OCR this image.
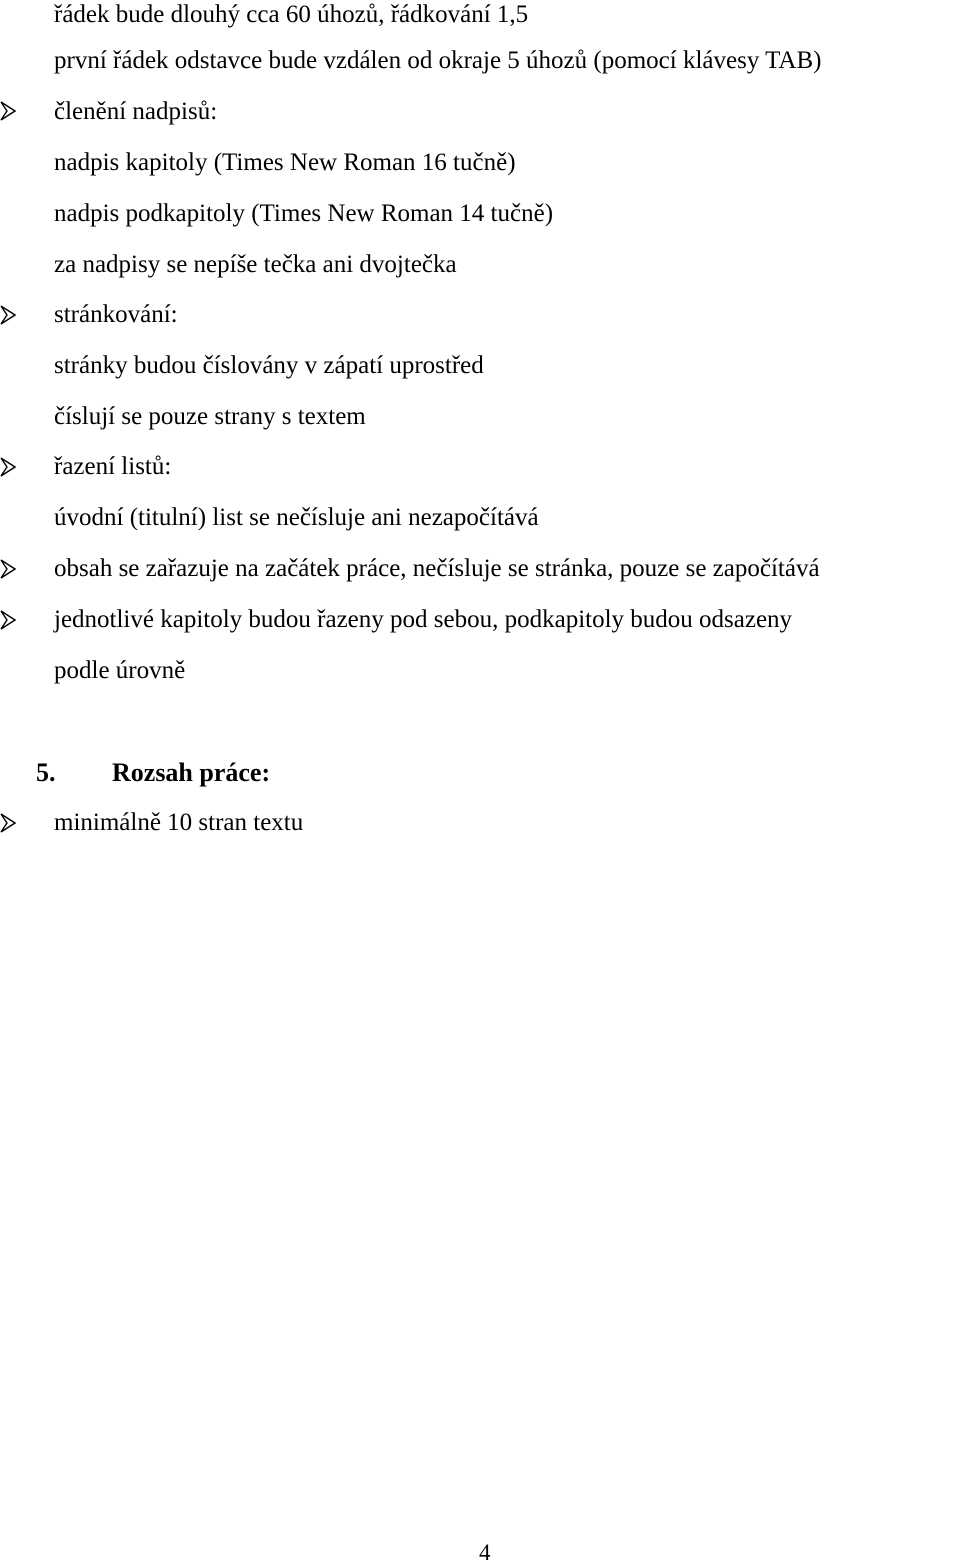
řádek bude dlouhý cca 60 úhozů, řádkování 1,5
první řádek odstavce bude vzdálen od okraje 5 úhozů (pomocí klávesy TAB)
členění nadpisů:
nadpis kapitoly (Times New Roman 16 tučně)
nadpis podkapitoly (Times New Roman 14 tučně)
za nadpisy se nepíše tečka ani dvojtečka
stránkování:
stránky budou číslovány v zápatí uprostřed
číslují se pouze strany s textem
řazení listů:
úvodní (titulní) list se nečísluje ani nezapočítává
obsah se zařazuje na začátek práce, nečísluje se stránka, pouze se započítává
jednotlivé kapitoly budou řazeny pod sebou, podkapitoly budou odsazeny
podle úrovně
5. Rozsah práce:
minimálně 10 stran textu
4
